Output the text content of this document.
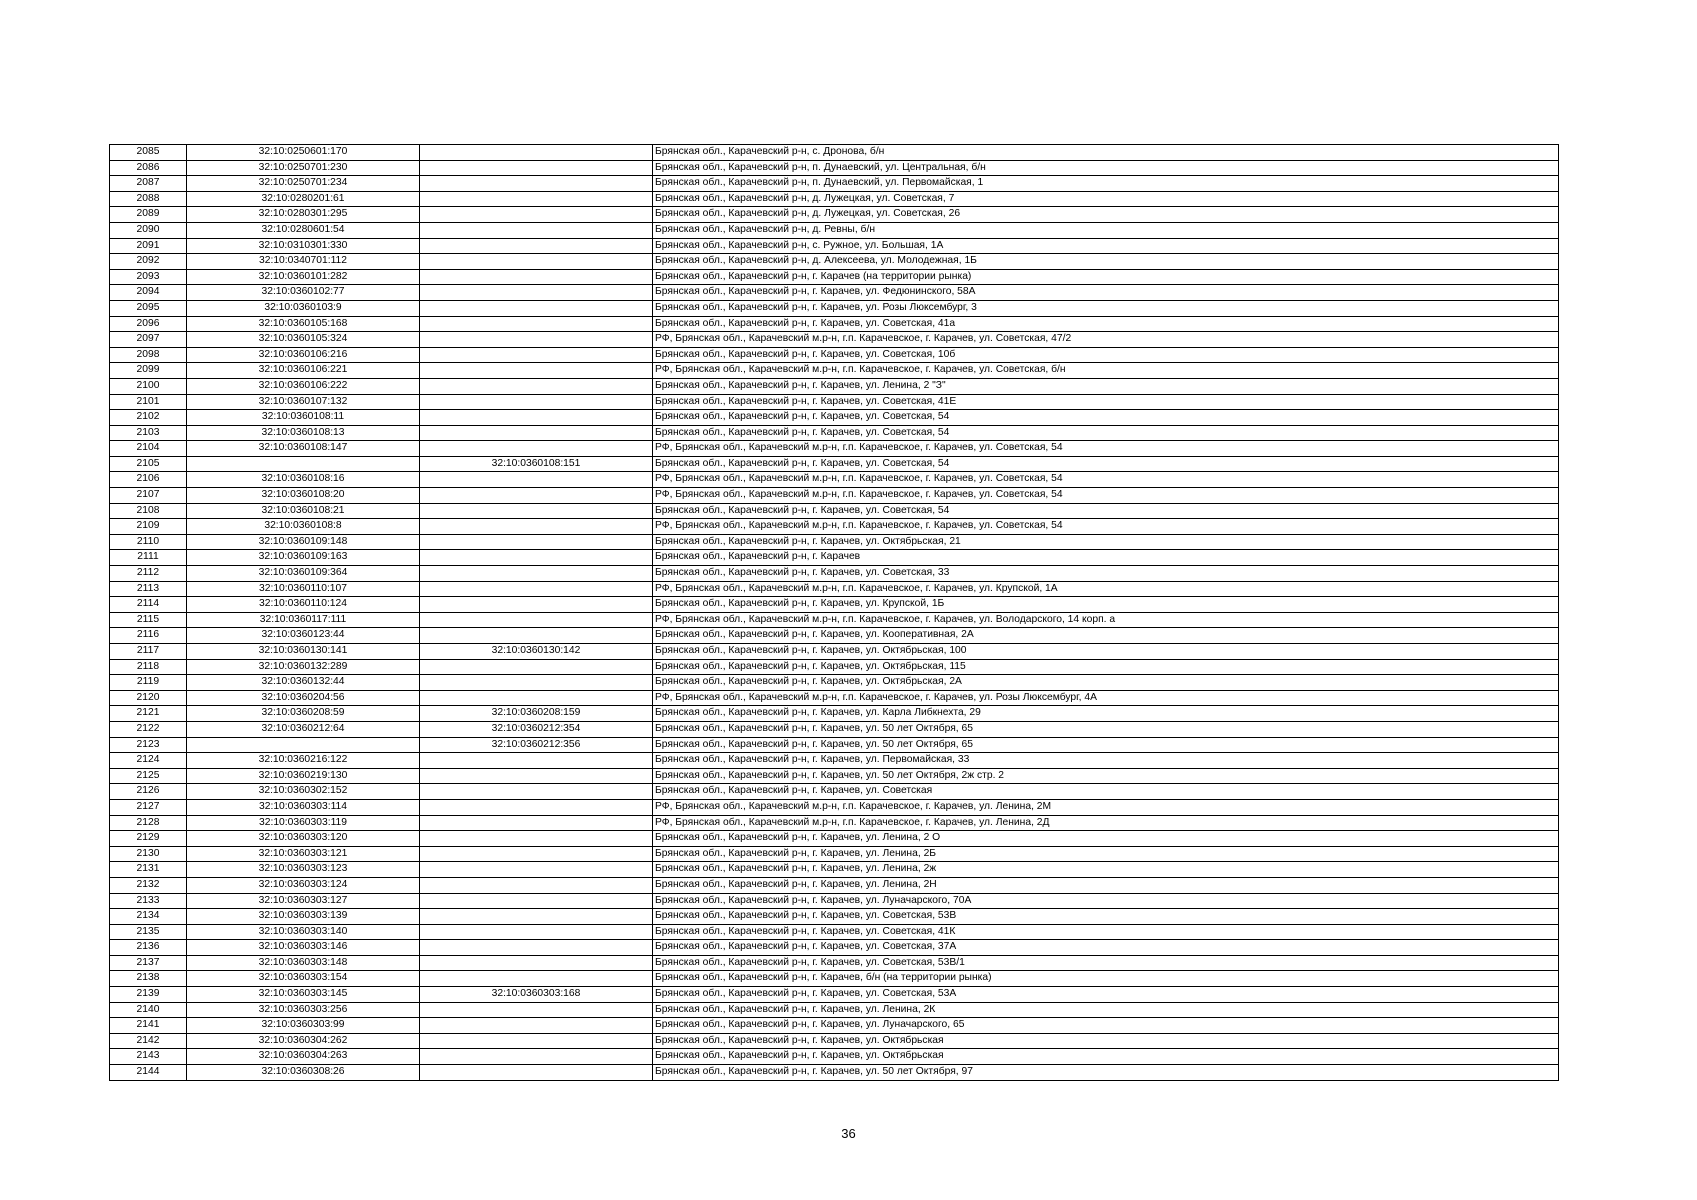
2085	32:10:0250601:170		Брянская обл., Карачевский р-н, с. Дронова, б/н
2086	32:10:0250701:230		Брянская обл., Карачевский р-н, п. Дунаевский, ул. Центральная, б/н
2087	32:10:0250701:234		Брянская обл., Карачевский р-н, п. Дунаевский, ул. Первомайская, 1
2088	32:10:0280201:61		Брянская обл., Карачевский р-н, д. Лужецкая, ул. Советская, 7
2089	32:10:0280301:295		Брянская обл., Карачевский р-н, д. Лужецкая, ул. Советская, 26
2090	32:10:0280601:54		Брянская обл., Карачевский р-н, д. Ревны, б/н
2091	32:10:0310301:330		Брянская обл., Карачевский р-н, с. Ружное, ул. Большая, 1А
2092	32:10:0340701:112		Брянская обл., Карачевский р-н, д. Алексеева, ул. Молодежная, 1Б
2093	32:10:0360101:282		Брянская обл., Карачевский р-н, г. Карачев (на территории рынка)
2094	32:10:0360102:77		Брянская обл., Карачевский р-н, г. Карачев, ул. Федюнинского, 58А
2095	32:10:0360103:9		Брянская обл., Карачевский р-н, г. Карачев, ул. Розы Люксембург, 3
2096	32:10:0360105:168		Брянская обл., Карачевский р-н, г. Карачев, ул. Советская, 41а
2097	32:10:0360105:324		РФ, Брянская обл., Карачевский м.р-н, г.п. Карачевское, г. Карачев, ул. Советская, 47/2
2098	32:10:0360106:216		Брянская обл., Карачевский р-н, г. Карачев, ул. Советская, 10б
2099	32:10:0360106:221		РФ, Брянская обл., Карачевский м.р-н, г.п. Карачевское, г. Карачев, ул. Советская, б/н
2100	32:10:0360106:222		Брянская обл., Карачевский р-н, г. Карачев, ул. Ленина, 2 "З"
2101	32:10:0360107:132		Брянская обл., Карачевский р-н, г. Карачев, ул. Советская, 41Е
2102	32:10:0360108:11		Брянская обл., Карачевский р-н, г. Карачев, ул. Советская, 54
2103	32:10:0360108:13		Брянская обл., Карачевский р-н, г. Карачев, ул. Советская, 54
2104	32:10:0360108:147		РФ, Брянская обл., Карачевский м.р-н, г.п. Карачевское, г. Карачев, ул. Советская, 54
2105		32:10:0360108:151	Брянская обл., Карачевский р-н, г. Карачев, ул. Советская, 54
2106	32:10:0360108:16		РФ, Брянская обл., Карачевский м.р-н, г.п. Карачевское, г. Карачев, ул. Советская, 54
2107	32:10:0360108:20		РФ, Брянская обл., Карачевский м.р-н, г.п. Карачевское, г. Карачев, ул. Советская, 54
2108	32:10:0360108:21		Брянская обл., Карачевский р-н, г. Карачев, ул. Советская, 54
2109	32:10:0360108:8		РФ, Брянская обл., Карачевский м.р-н, г.п. Карачевское, г. Карачев, ул. Советская, 54
2110	32:10:0360109:148		Брянская обл., Карачевский р-н, г. Карачев, ул. Октябрьская, 21
2111	32:10:0360109:163		Брянская обл., Карачевский р-н, г. Карачев
2112	32:10:0360109:364		Брянская обл., Карачевский р-н, г. Карачев, ул. Советская, 33
2113	32:10:0360110:107		РФ, Брянская обл., Карачевский м.р-н, г.п. Карачевское, г. Карачев, ул. Крупской, 1А
2114	32:10:0360110:124		Брянская обл., Карачевский р-н, г. Карачев, ул. Крупской, 1Б
2115	32:10:0360117:111		РФ, Брянская обл., Карачевский м.р-н, г.п. Карачевское, г. Карачев, ул. Володарского, 14 корп. а
2116	32:10:0360123:44		Брянская обл., Карачевский р-н, г. Карачев, ул. Кооперативная, 2А
2117	32:10:0360130:141	32:10:0360130:142	Брянская обл., Карачевский р-н, г. Карачев, ул. Октябрьская, 100
2118	32:10:0360132:289		Брянская обл., Карачевский р-н, г. Карачев, ул. Октябрьская, 115
2119	32:10:0360132:44		Брянская обл., Карачевский р-н, г. Карачев, ул. Октябрьская, 2А
2120	32:10:0360204:56		РФ, Брянская обл., Карачевский м.р-н, г.п. Карачевское, г. Карачев, ул. Розы Люксембург, 4А
2121	32:10:0360208:59	32:10:0360208:159	Брянская обл., Карачевский р-н, г. Карачев, ул. Карла Либкнехта, 29
2122	32:10:0360212:64	32:10:0360212:354	Брянская обл., Карачевский р-н, г. Карачев, ул. 50 лет Октября, 65
2123		32:10:0360212:356	Брянская обл., Карачевский р-н, г. Карачев, ул. 50 лет Октября, 65
2124	32:10:0360216:122		Брянская обл., Карачевский р-н, г. Карачев, ул. Первомайская, 33
2125	32:10:0360219:130		Брянская обл., Карачевский р-н, г. Карачев, ул. 50 лет Октября, 2ж стр. 2
2126	32:10:0360302:152		Брянская обл., Карачевский р-н, г. Карачев, ул. Советская
2127	32:10:0360303:114		РФ, Брянская обл., Карачевский м.р-н, г.п. Карачевское, г. Карачев, ул. Ленина, 2М
2128	32:10:0360303:119		РФ, Брянская обл., Карачевский м.р-н, г.п. Карачевское, г. Карачев, ул. Ленина, 2Д
2129	32:10:0360303:120		Брянская обл., Карачевский р-н, г. Карачев, ул. Ленина, 2 О
2130	32:10:0360303:121		Брянская обл., Карачевский р-н, г. Карачев, ул. Ленина, 2Б
2131	32:10:0360303:123		Брянская обл., Карачевский р-н, г. Карачев, ул. Ленина, 2ж
2132	32:10:0360303:124		Брянская обл., Карачевский р-н, г. Карачев, ул. Ленина, 2Н
2133	32:10:0360303:127		Брянская обл., Карачевский р-н, г. Карачев, ул. Луначарского, 70А
2134	32:10:0360303:139		Брянская обл., Карачевский р-н, г. Карачев, ул. Советская, 53В
2135	32:10:0360303:140		Брянская обл., Карачевский р-н, г. Карачев, ул. Советская, 41К
2136	32:10:0360303:146		Брянская обл., Карачевский р-н, г. Карачев, ул. Советская, 37А
2137	32:10:0360303:148		Брянская обл., Карачевский р-н, г. Карачев, ул. Советская, 53В/1
2138	32:10:0360303:154		Брянская обл., Карачевский р-н, г. Карачев, б/н (на территории рынка)
2139	32:10:0360303:145	32:10:0360303:168	Брянская обл., Карачевский р-н, г. Карачев, ул. Советская, 53А
2140	32:10:0360303:256		Брянская обл., Карачевский р-н, г. Карачев, ул. Ленина, 2К
2141	32:10:0360303:99		Брянская обл., Карачевский р-н, г. Карачев, ул. Луначарского, 65
2142	32:10:0360304:262		Брянская обл., Карачевский р-н, г. Карачев, ул. Октябрьская
2143	32:10:0360304:263		Брянская обл., Карачевский р-н, г. Карачев, ул. Октябрьская
2144	32:10:0360308:26		Брянская обл., Карачевский р-н, г. Карачев, ул. 50 лет Октября, 97
36
